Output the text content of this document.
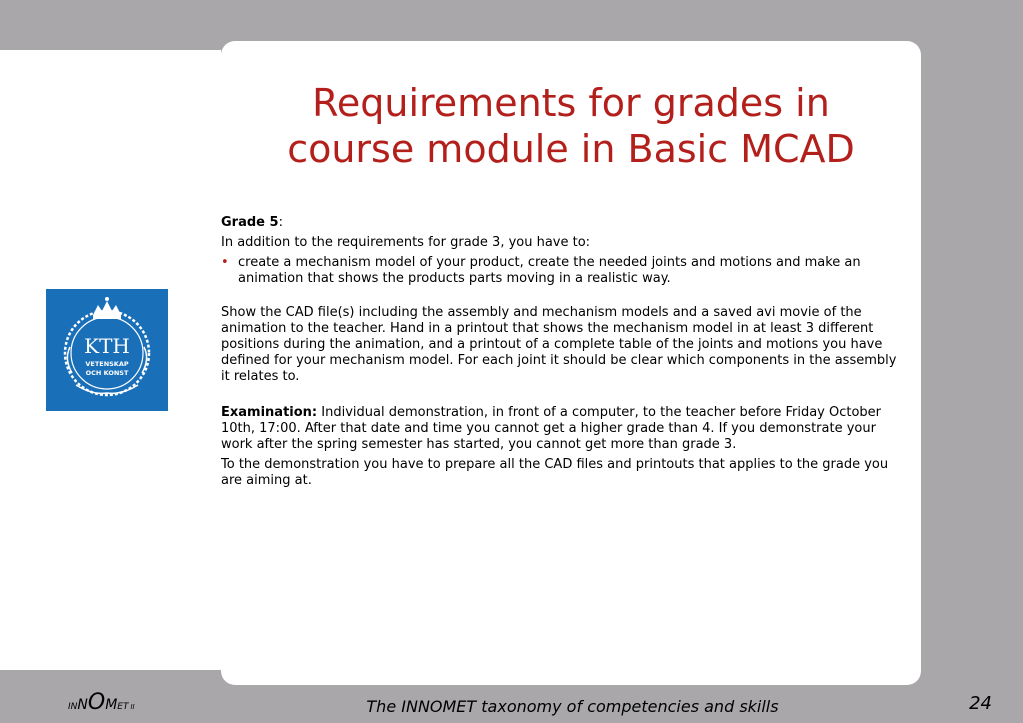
Requirements for grades in
course module in Basic MCAD

Grade 5:

In addition to the requirements for grade 3, you have to:

• create a mechanism model of your product, create the needed joints and motions and make an animation that shows the products parts moving in a realistic way.

Show the CAD file(s) including the assembly and mechanism models and a saved avi movie of the animation to the teacher. Hand in a printout that shows the mechanism model in at least 3 different positions during the animation, and a printout of a complete table of the joints and motions you have defined for your mechanism model. For each joint it should be clear which components in the assembly it relates to.

Examination: Individual demonstration, in front of a computer, to the teacher before Friday October 10th, 17:00. After that date and time you cannot get a higher grade than 4. If you demonstrate your work after the spring semester has started, you cannot get more than grade 3.

To the demonstration you have to prepare all the CAD files and printouts that applies to the grade you are aiming at.

KTH
VETENSKAP
OCH KONST
INNOMET II	The INNOMET taxonomy of competencies and skills	24
